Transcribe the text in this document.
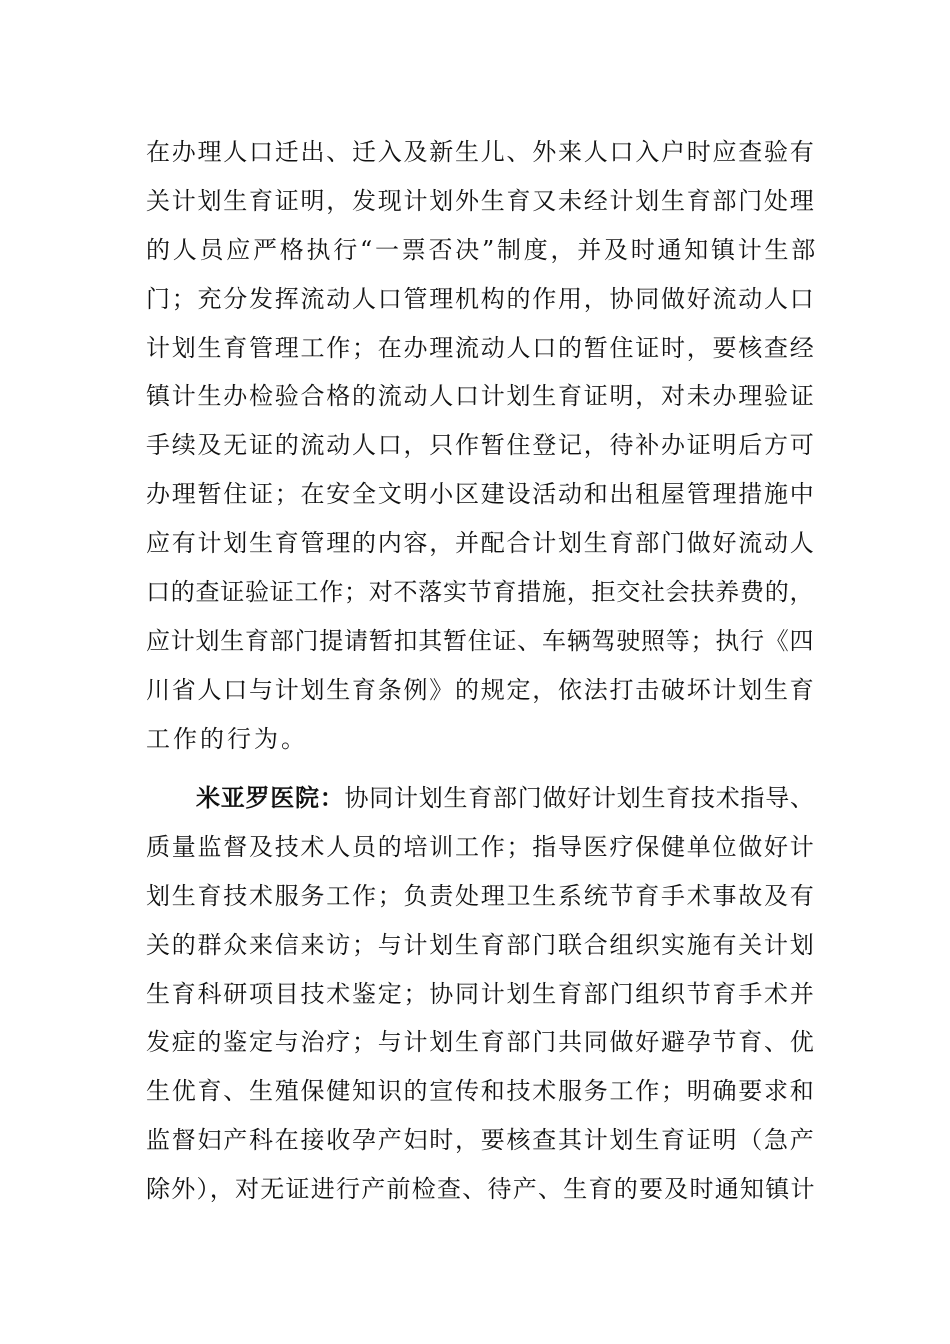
在办理人口迁出、迁入及新生儿、外来人口入户时应查验有
关计划生育证明，发现计划外生育又未经计划生育部门处理
的人员应严格执行“一票否决”制度，并及时通知镇计生部
门；充分发挥流动人口管理机构的作用，协同做好流动人口
计划生育管理工作；在办理流动人口的暂住证时，要核查经
镇计生办检验合格的流动人口计划生育证明，对未办理验证
手续及无证的流动人口，只作暂住登记，待补办证明后方可
办理暂住证；在安全文明小区建设活动和出租屋管理措施中
应有计划生育管理的内容，并配合计划生育部门做好流动人
口的查证验证工作；对不落实节育措施，拒交社会扶养费的，
应计划生育部门提请暂扣其暂住证、车辆驾驶照等；执行《四
川省人口与计划生育条例》的规定，依法打击破坏计划生育
工作的行为。
米亚罗医院：协同计划生育部门做好计划生育技术指导、
质量监督及技术人员的培训工作；指导医疗保健单位做好计
划生育技术服务工作；负责处理卫生系统节育手术事故及有
关的群众来信来访；与计划生育部门联合组织实施有关计划
生育科研项目技术鉴定；协同计划生育部门组织节育手术并
发症的鉴定与治疗；与计划生育部门共同做好避孕节育、优
生优育、生殖保健知识的宣传和技术服务工作；明确要求和
监督妇产科在接收孕产妇时，要核查其计划生育证明（急产
除外），对无证进行产前检查、待产、生育的要及时通知镇计
